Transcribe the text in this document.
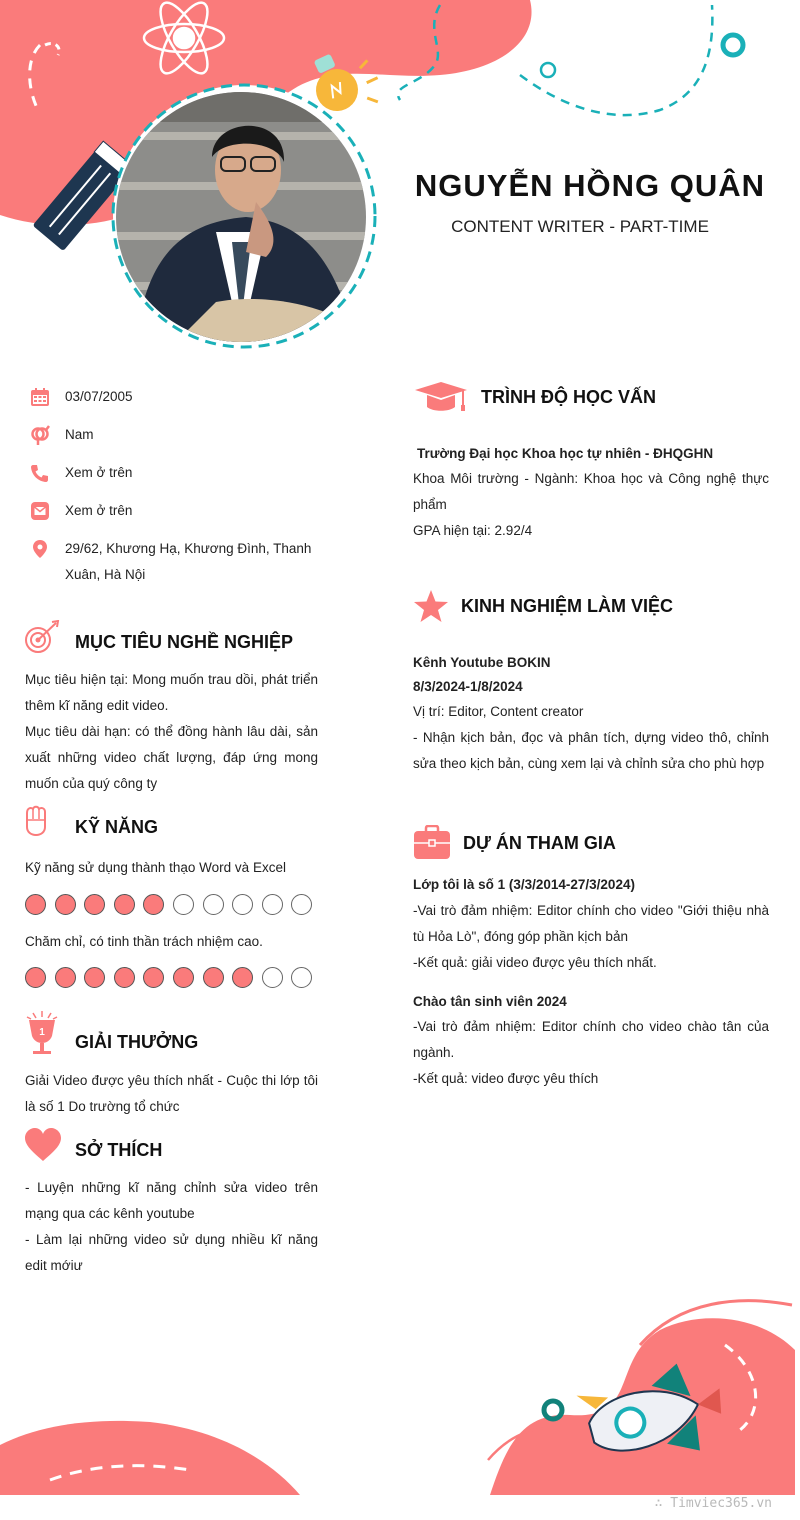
NGUYỄN HỒNG QUÂN
CONTENT WRITER - PART-TIME
03/07/2005
Nam
Xem ở trên
Xem ở trên
29/62, Khương Hạ, Khương Đình, Thanh Xuân, Hà Nội
MỤC TIÊU NGHỀ NGHIỆP
Mục tiêu hiện tại: Mong muốn trau dồi, phát triển thêm kĩ năng edit video.
Mục tiêu dài hạn: có thể đồng hành lâu dài, sản xuất những video chất lượng, đáp ứng mong muốn của quý công ty
KỸ NĂNG
Kỹ năng sử dụng thành thạo Word và Excel
Chăm chỉ, có tinh thần trách nhiệm cao.
1 GIẢI THƯỞNG
Giải Video được yêu thích nhất - Cuộc thi lớp tôi là số 1 Do trường tổ chức
SỞ THÍCH
- Luyện những kĩ năng chỉnh sửa video trên mạng qua các kênh youtube
- Làm lại những video sử dụng nhiều kĩ năng edit mớiư
TRÌNH ĐỘ HỌC VẤN
Trường Đại học Khoa học tự nhiên - ĐHQGHN
Khoa Môi trường - Ngành: Khoa học và Công nghệ thực phẩm
GPA hiện tại: 2.92/4
KINH NGHIỆM LÀM VIỆC
Kênh Youtube BOKIN
8/3/2024-1/8/2024
Vị trí: Editor, Content creator
- Nhận kịch bản, đọc và phân tích, dựng video thô, chỉnh sửa theo kịch bản, cùng xem lại và chỉnh sửa cho phù hợp
DỰ ÁN THAM GIA
Lớp tôi là số 1 (3/3/2014-27/3/2024)
-Vai trò đảm nhiệm: Editor chính cho video "Giới thiệu nhà tù Hỏa Lò", đóng góp phần kịch bản
-Kết quả: giải video được yêu thích nhất.
Chào tân sinh viên 2024
-Vai trò đảm nhiệm: Editor chính cho video chào tân của ngành.
-Kết quả: video được yêu thích
∴ Timviec365.vn
